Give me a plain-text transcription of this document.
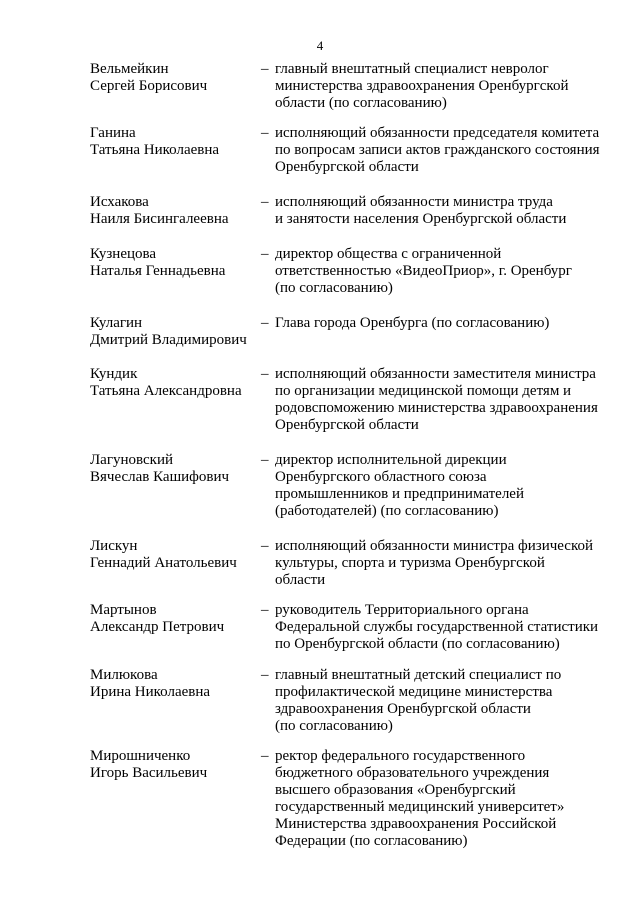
4
Вельмейкин
Сергей Борисович
– главный внештатный специалист невролог
министерства здравоохранения Оренбургской
области (по согласованию)
Ганина
Татьяна Николаевна
– исполняющий обязанности председателя комитета
по вопросам записи актов гражданского состояния
Оренбургской области
Исхакова
Наиля Бисингалеевна
– исполняющий обязанности министра труда
и занятости населения Оренбургской области
Кузнецова
Наталья Геннадьевна
– директор общества с ограниченной
ответственностью «ВидеоПриор», г. Оренбург
(по согласованию)
Кулагин
Дмитрий Владимирович
– Глава города Оренбурга (по согласованию)
Кундик
Татьяна Александровна
– исполняющий обязанности заместителя министра
по организации медицинской помощи детям и
родовспоможению министерства здравоохранения
Оренбургской области
Лагуновский
Вячеслав Кашифович
– директор исполнительной дирекции
Оренбургского областного союза
промышленников и предпринимателей
(работодателей) (по согласованию)
Лискун
Геннадий Анатольевич
– исполняющий обязанности министра физической
культуры, спорта и туризма Оренбургской
области
Мартынов
Александр Петрович
– руководитель Территориального органа
Федеральной службы государственной статистики
по Оренбургской области (по согласованию)
Милюкова
Ирина Николаевна
– главный внештатный детский специалист по
профилактической медицине министерства
здравоохранения Оренбургской области
(по согласованию)
Мирошниченко
Игорь Васильевич
– ректор федерального государственного
бюджетного образовательного учреждения
высшего образования «Оренбургский
государственный медицинский университет»
Министерства здравоохранения Российской
Федерации (по согласованию)
